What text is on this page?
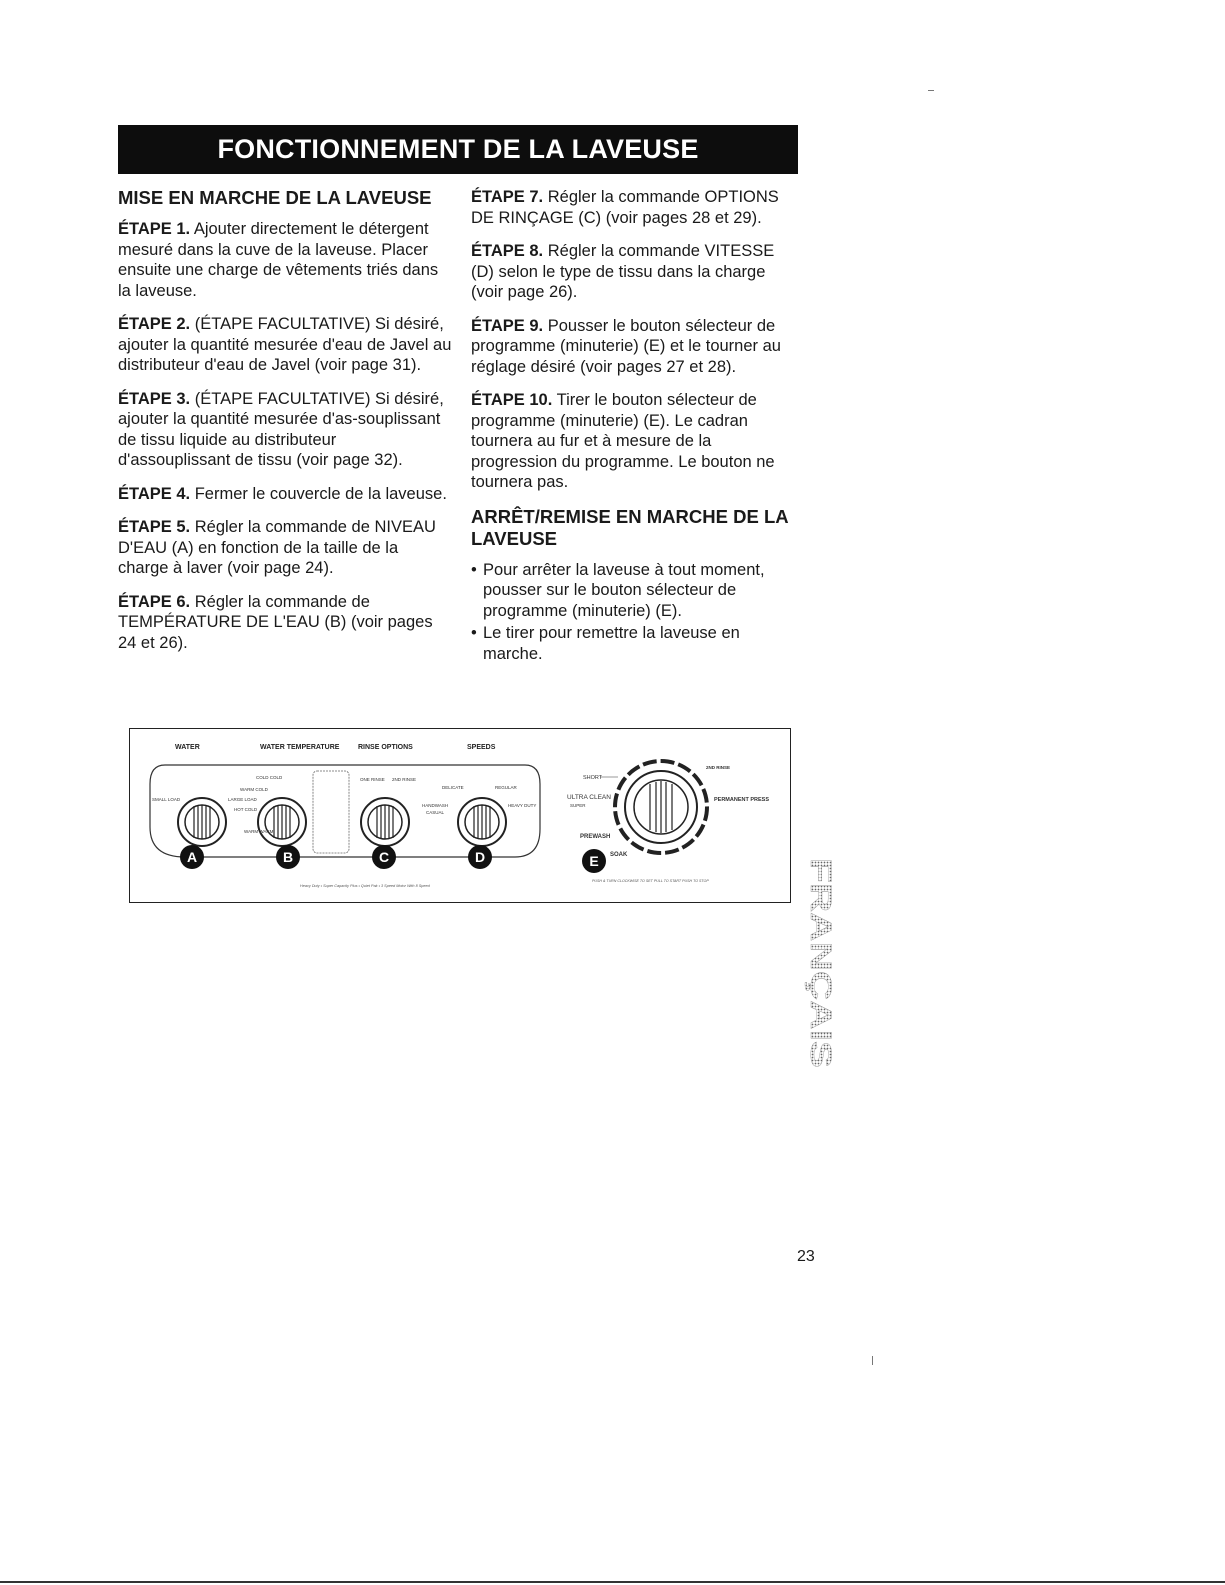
FONCTIONNEMENT DE LA LAVEUSE
MISE EN MARCHE DE LA LAVEUSE

ÉTAPE 1. Ajouter directement le détergent mesuré dans la cuve de la laveuse. Placer ensuite une charge de vêtements triés dans la laveuse.

ÉTAPE 2. (ÉTAPE FACULTATIVE) Si désiré, ajouter la quantité mesurée d'eau de Javel au distributeur d'eau de Javel (voir page 31).

ÉTAPE 3. (ÉTAPE FACULTATIVE) Si désiré, ajouter la quantité mesurée d'as-souplissant de tissu liquide au distributeur d'assouplissant de tissu (voir page 32).

ÉTAPE 4. Fermer le couvercle de la laveuse.

ÉTAPE 5. Régler la commande de NIVEAU D'EAU (A) en fonction de la taille de la charge à laver (voir page 24).

ÉTAPE 6. Régler la commande de TEMPÉRATURE DE L'EAU (B) (voir pages 24 et 26).

ÉTAPE 7. Régler la commande OPTIONS DE RINÇAGE (C) (voir pages 28 et 29).

ÉTAPE 8. Régler la commande VITESSE (D) selon le type de tissu dans la charge (voir page 26).

ÉTAPE 9. Pousser le bouton sélecteur de programme (minuterie) (E) et le tourner au réglage désiré (voir pages 27 et 28).

ÉTAPE 10. Tirer le bouton sélecteur de programme (minuterie) (E). Le cadran tournera au fur et à mesure de la progression du programme. Le bouton ne tournera pas.

ARRÊT/REMISE EN MARCHE DE LA LAVEUSE
• Pour arrêter la laveuse à tout moment, pousser sur le bouton sélecteur de programme (minuterie) (E).
• Le tirer pour remettre la laveuse en marche.
WATER	WATER TEMPERATURE	RINSE OPTIONS	SPEEDS
SMALL LOAD	LARGE LOAD
COLD COLD
WARM COLD
HOT COLD
WARM WARM
ONE RINSE 2ND RINSE
DELICATE	REGULAR
HANDWASH
CASUAL
HEAVY DUTY
A	B	C	D
SHORT
ULTRA CLEAN
SUPER
PREWASH
SOAK
2ND RINSE
PERMANENT PRESS
E
Heavy Duty • Super Capacity Plus • Quiet Pak • 3 Speed Motor With 8 Speed
PUSH & TURN CLOCKWISE TO SET PULL TO START PUSH TO STOP	FRANÇAIS
23
